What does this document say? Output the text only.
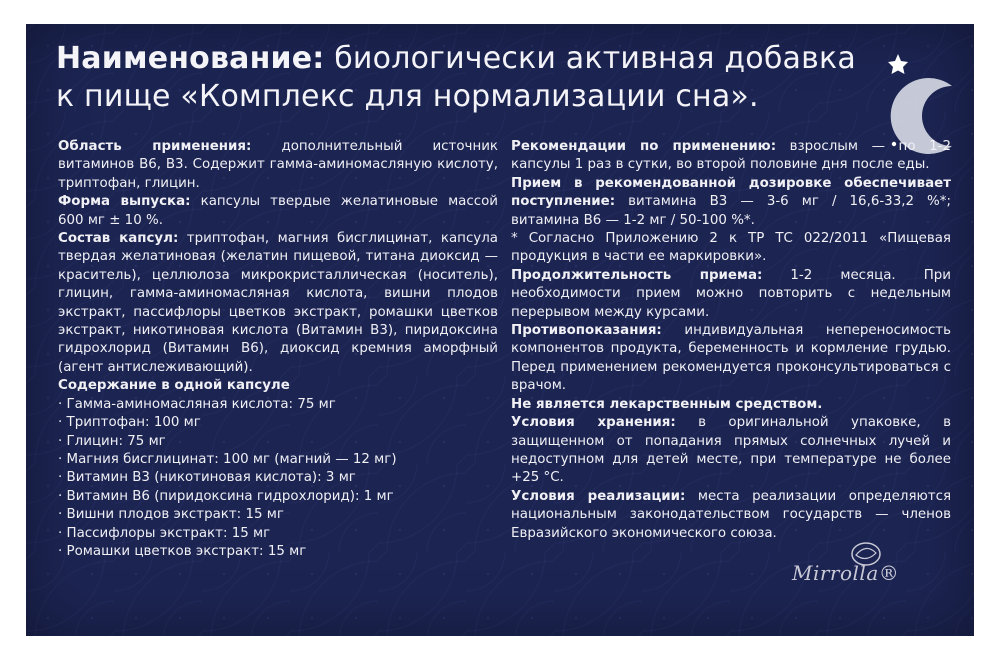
Наименование: биологически активная добавка к пище «Комплекс для нормализации сна».

Область применения: дополнительный источник витаминов В6, В3. Содержит гамма-аминомасляную кислоту, триптофан, глицин.

Форма выпуска: капсулы твердые желатиновые массой 600 мг ± 10 %.

Состав капсул: триптофан, магния бисглицинат, капсула твердая желатиновая (желатин пищевой, титана диоксид — краситель), целлюлоза микрокристаллическая (носитель), глицин, гамма-аминомасляная кислота, вишни плодов экстракт, пассифлоры цветков экстракт, ромашки цветков экстракт, никотиновая кислота (Витамин В3), пиридоксина гидрохлорид (Витамин В6), диоксид кремния аморфный (агент антислеживающий).

Содержание в одной капсуле

· Гамма-аминомасляная кислота: 75 мг
· Триптофан: 100 мг
· Глицин: 75 мг
· Магния бисглицинат: 100 мг (магний — 12 мг)
· Витамин В3 (никотиновая кислота): 3 мг
· Витамин В6 (пиридоксина гидрохлорид): 1 мг
· Вишни плодов экстракт: 15 мг
· Пассифлоры экстракт: 15 мг
· Ромашки цветков экстракт: 15 мг

Рекомендации по применению: взрослым — по 1-2 капсулы 1 раз в сутки, во второй половине дня после еды.

Прием в рекомендованной дозировке обеспечивает поступление: витамина В3 — 3-6 мг / 16,6-33,2 %*; витамина В6 — 1-2 мг / 50-100 %*.

* Согласно Приложению 2 к ТР ТС 022/2011 «Пищевая продукция в части ее маркировки».

Продолжительность приема: 1-2 месяца. При необходимости прием можно повторить с недельным перерывом между курсами.

Противопоказания: индивидуальная непереносимость компонентов продукта, беременность и кормление грудью. Перед применением рекомендуется проконсультироваться с врачом.

Не является лекарственным средством.

Условия хранения: в оригинальной упаковке, в защищенном от попадания прямых солнечных лучей и недоступном для детей месте, при температуре не более +25 °С.

Условия реализации: места реализации определяются национальным законодательством государств — членов Евразийского экономического союза.

Mirrolla®
